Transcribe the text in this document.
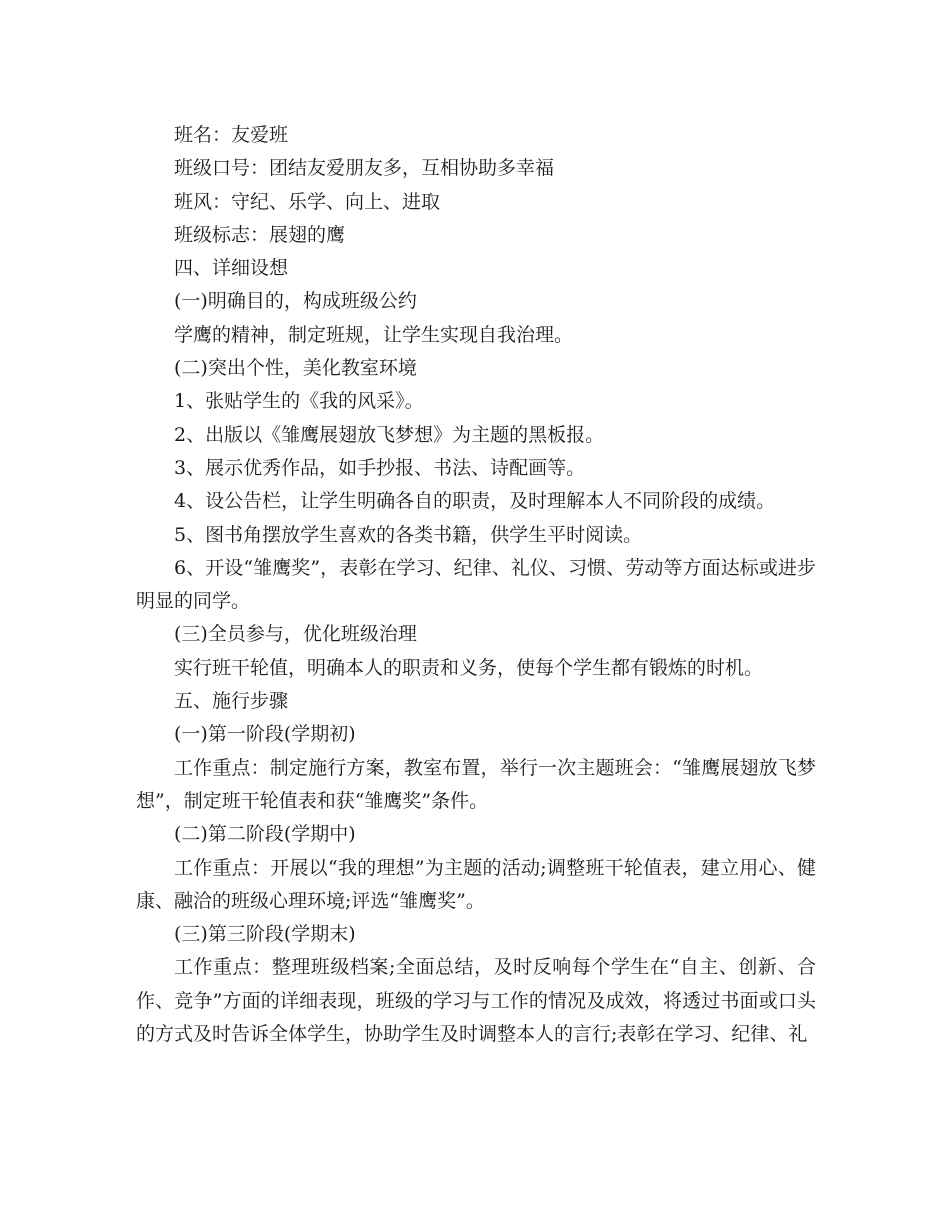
班名：友爱班

班级口号：团结友爱朋友多，互相协助多幸福

班风：守纪、乐学、向上、进取

班级标志：展翅的鹰

四、详细设想

(一)明确目的，构成班级公约

学鹰的精神，制定班规，让学生实现自我治理。

(二)突出个性，美化教室环境

1、张贴学生的《我的风采》。

2、出版以《雏鹰展翅放飞梦想》为主题的黑板报。

3、展示优秀作品，如手抄报、书法、诗配画等。

4、设公告栏，让学生明确各自的职责，及时理解本人不同阶段的成绩。

5、图书角摆放学生喜欢的各类书籍，供学生平时阅读。

6、开设“雏鹰奖”，表彰在学习、纪律、礼仪、习惯、劳动等方面达标或进步明显的同学。

(三)全员参与，优化班级治理

实行班干轮值，明确本人的职责和义务，使每个学生都有锻炼的时机。

五、施行步骤

(一)第一阶段(学期初)

工作重点：制定施行方案，教室布置，举行一次主题班会：“雏鹰展翅放飞梦想”，制定班干轮值表和获“雏鹰奖”条件。

(二)第二阶段(学期中)

工作重点：开展以“我的理想”为主题的活动;调整班干轮值表，建立用心、健康、融洽的班级心理环境;评选“雏鹰奖”。

(三)第三阶段(学期末)

工作重点：整理班级档案;全面总结，及时反响每个学生在“自主、创新、合作、竞争”方面的详细表现，班级的学习与工作的情况及成效，将透过书面或口头的方式及时告诉全体学生，协助学生及时调整本人的言行;表彰在学习、纪律、礼
